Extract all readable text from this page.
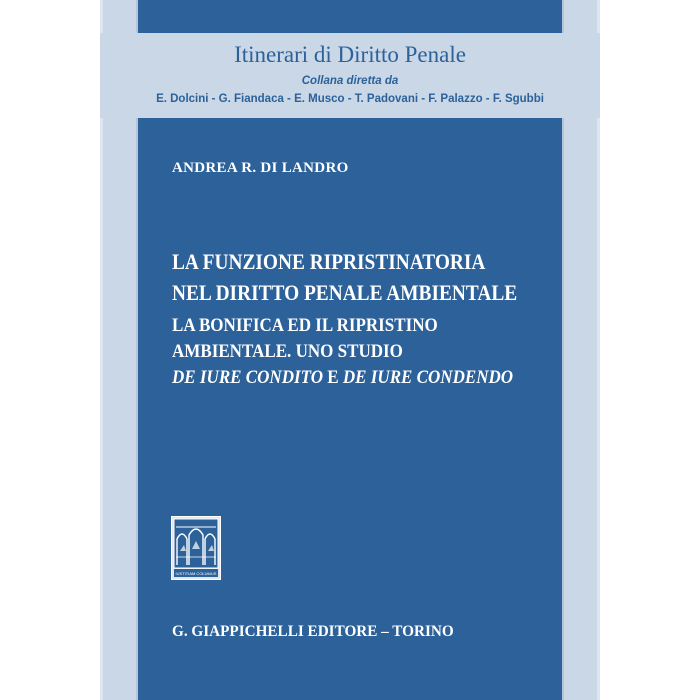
Itinerari di Diritto Penale
Collana diretta da
E. Dolcini - G. Fiandaca - E. Musco - T. Padovani - F. Palazzo - F. Sgubbi
ANDREA R. DI LANDRO
LA FUNZIONE RIPRISTINATORIA
NEL DIRITTO PENALE AMBIENTALE
LA BONIFICA ED IL RIPRISTINO
AMBIENTALE. UNO STUDIO
DE IURE CONDITO E DE IURE CONDENDO
IUSTITIAM COLUMUS
G. GIAPPICHELLI EDITORE – TORINO
